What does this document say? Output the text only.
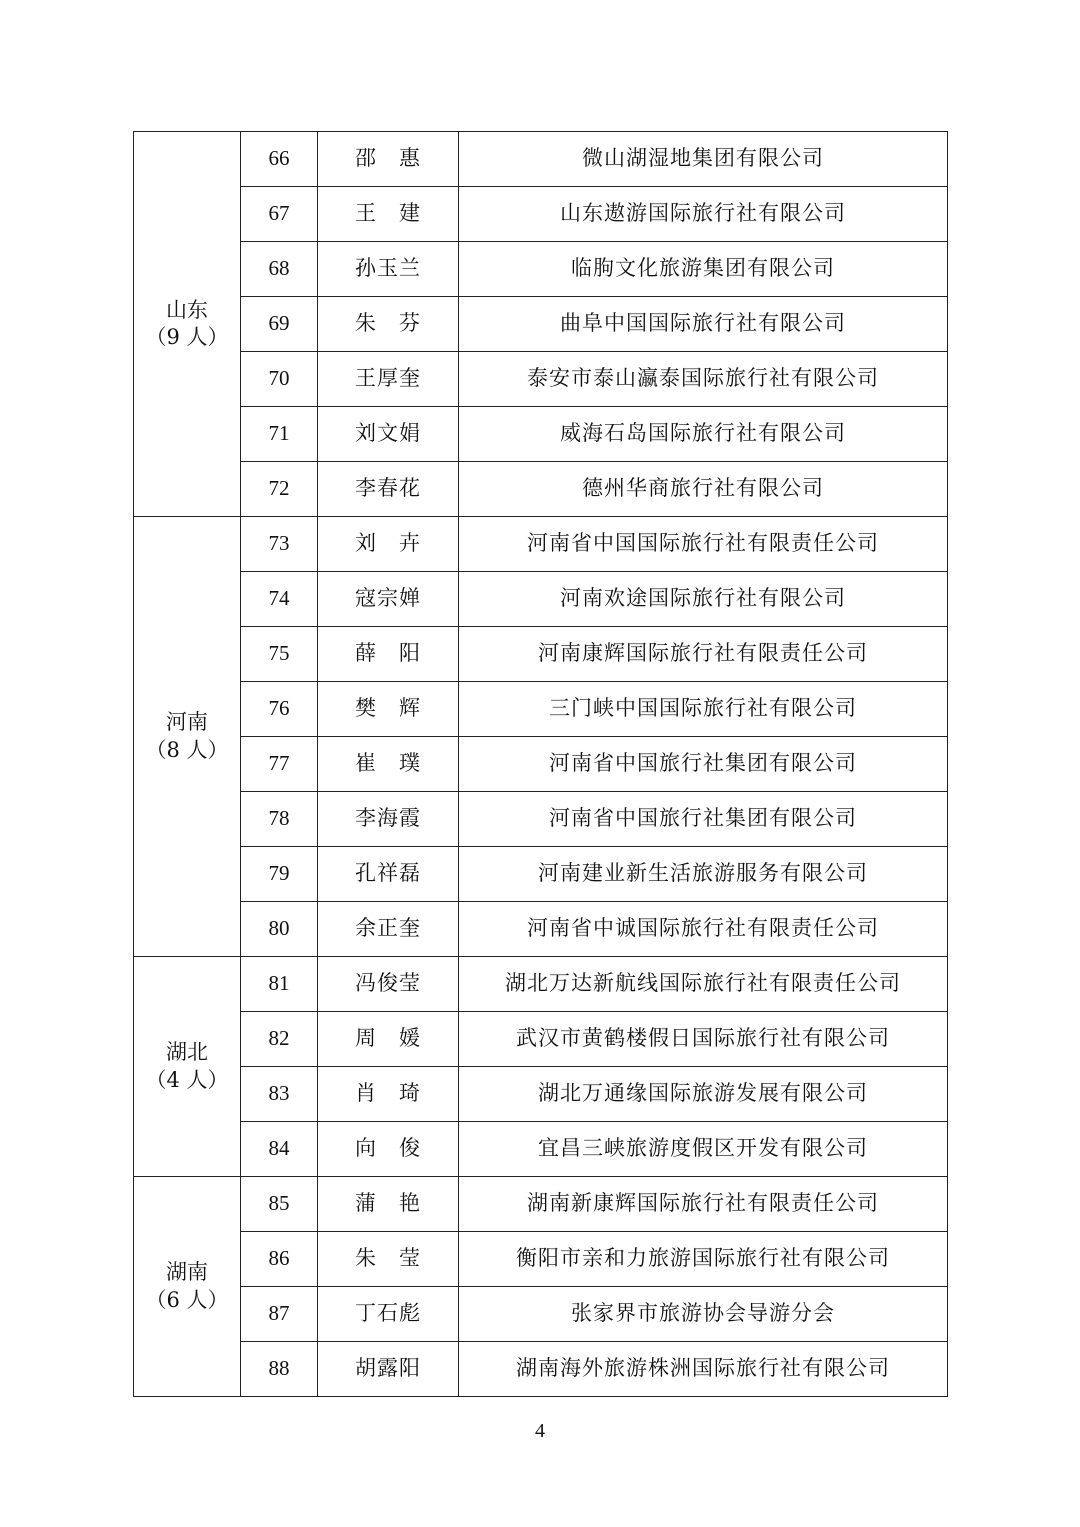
山东
（9 人）	66	邵　惠	微山湖湿地集团有限公司
	67	王　建	山东遨游国际旅行社有限公司
	68	孙玉兰	临朐文化旅游集团有限公司
	69	朱　芬	曲阜中国国际旅行社有限公司
	70	王厚奎	泰安市泰山瀛泰国际旅行社有限公司
	71	刘文娟	威海石岛国际旅行社有限公司
	72	李春花	德州华商旅行社有限公司

河南
（8 人）	73	刘　卉	河南省中国国际旅行社有限责任公司
	74	寇宗婵	河南欢途国际旅行社有限公司
	75	薛　阳	河南康辉国际旅行社有限责任公司
	76	樊　辉	三门峡中国国际旅行社有限公司
	77	崔　璞	河南省中国旅行社集团有限公司
	78	李海霞	河南省中国旅行社集团有限公司
	79	孔祥磊	河南建业新生活旅游服务有限公司
	80	余正奎	河南省中诚国际旅行社有限责任公司

湖北
（4 人）	81	冯俊莹	湖北万达新航线国际旅行社有限责任公司
	82	周　媛	武汉市黄鹤楼假日国际旅行社有限公司
	83	肖　琦	湖北万通缘国际旅游发展有限公司
	84	向　俊	宜昌三峡旅游度假区开发有限公司

湖南
（6 人）	85	蒲　艳	湖南新康辉国际旅行社有限责任公司
	86	朱　莹	衡阳市亲和力旅游国际旅行社有限公司
	87	丁石彪	张家界市旅游协会导游分会
	88	胡露阳	湖南海外旅游株洲国际旅行社有限公司
4
